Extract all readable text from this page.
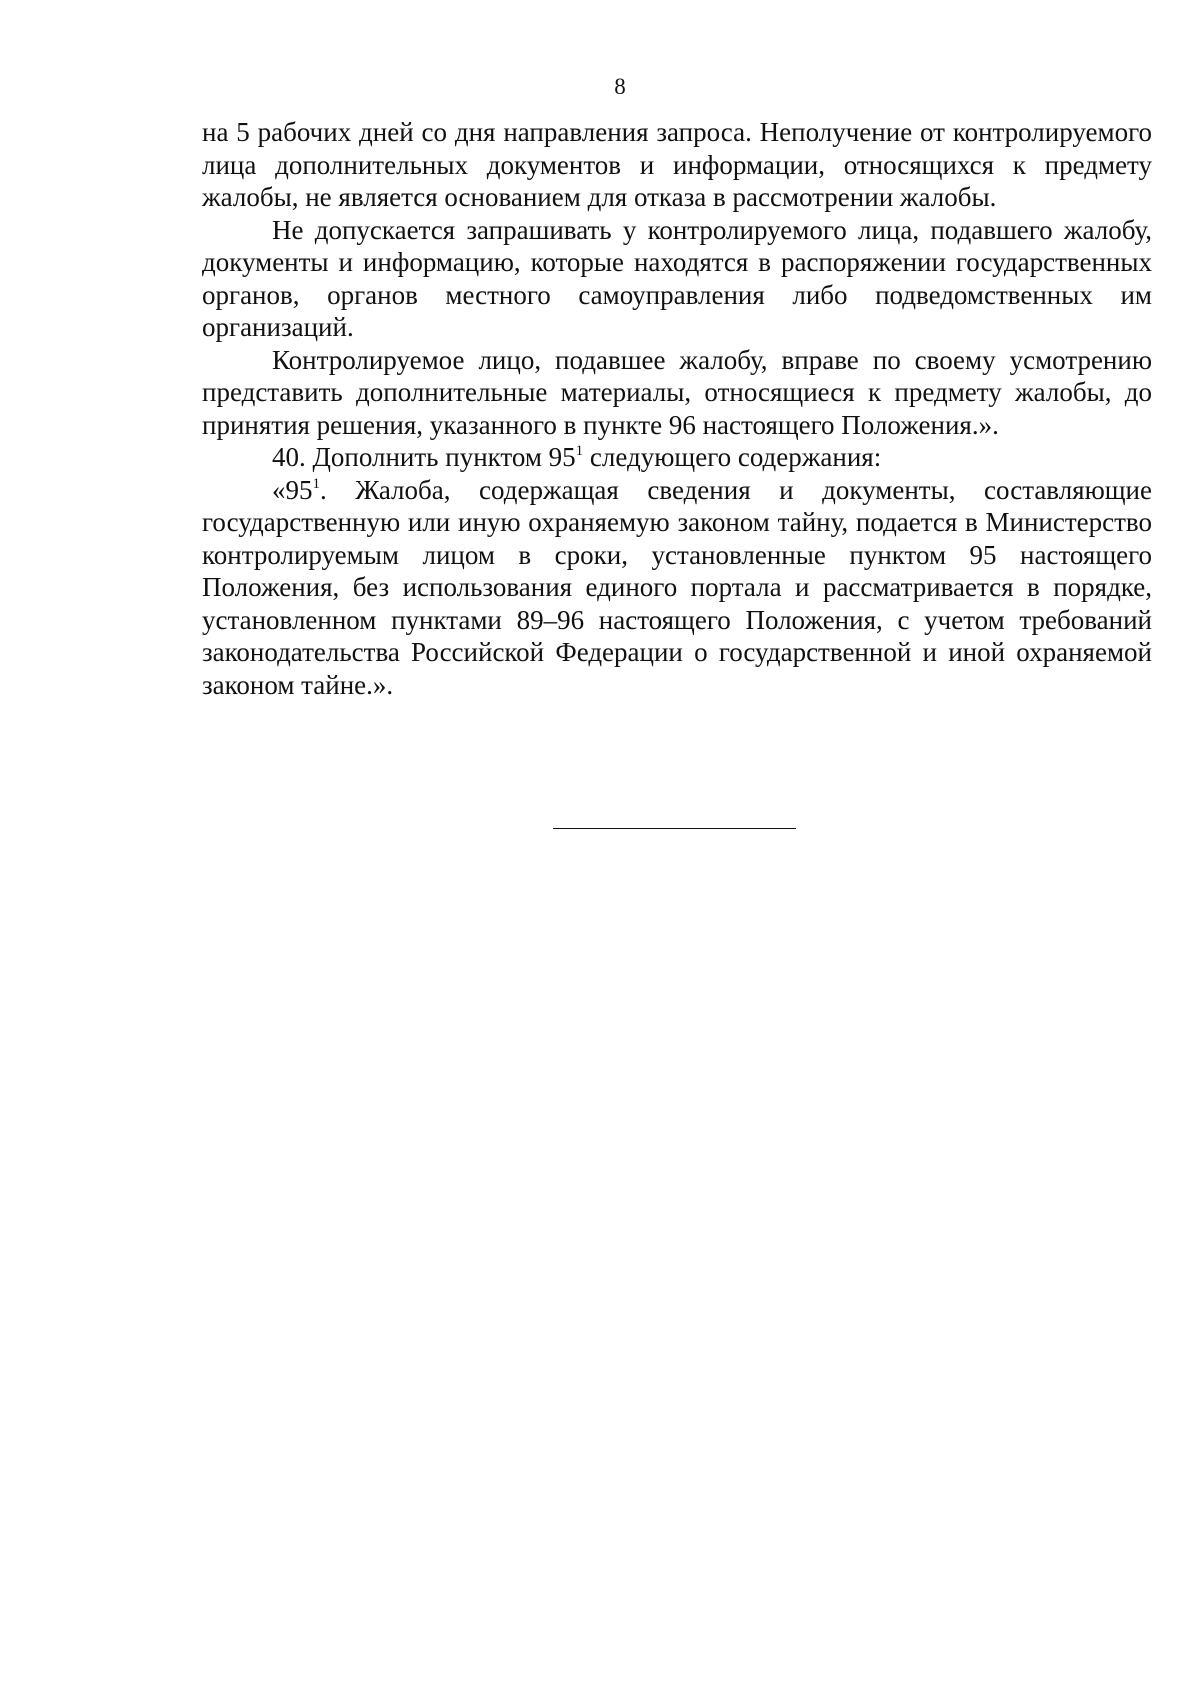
8

на 5 рабочих дней со дня направления запроса. Неполучение от контролируемого лица дополнительных документов и информации, относящихся к предмету жалобы, не является основанием для отказа в рассмотрении жалобы.

Не допускается запрашивать у контролируемого лица, подавшего жалобу, документы и информацию, которые находятся в распоряжении государственных органов, органов местного самоуправления либо подведомственных им организаций.

Контролируемое лицо, подавшее жалобу, вправе по своему усмотрению представить дополнительные материалы, относящиеся к предмету жалобы, до принятия решения, указанного в пункте 96 настоящего Положения.».

40. Дополнить пунктом $95^1$ следующего содержания:

«$95^1$. Жалоба, содержащая сведения и документы, составляющие государственную или иную охраняемую законом тайну, подается в Министерство контролируемым лицом в сроки, установленные пунктом 95 настоящего Положения, без использования единого портала и рассматривается в порядке, установленном пунктами 89–96 настоящего Положения, с учетом требований законодательства Российской Федерации о государственной и иной охраняемой законом тайне.».
